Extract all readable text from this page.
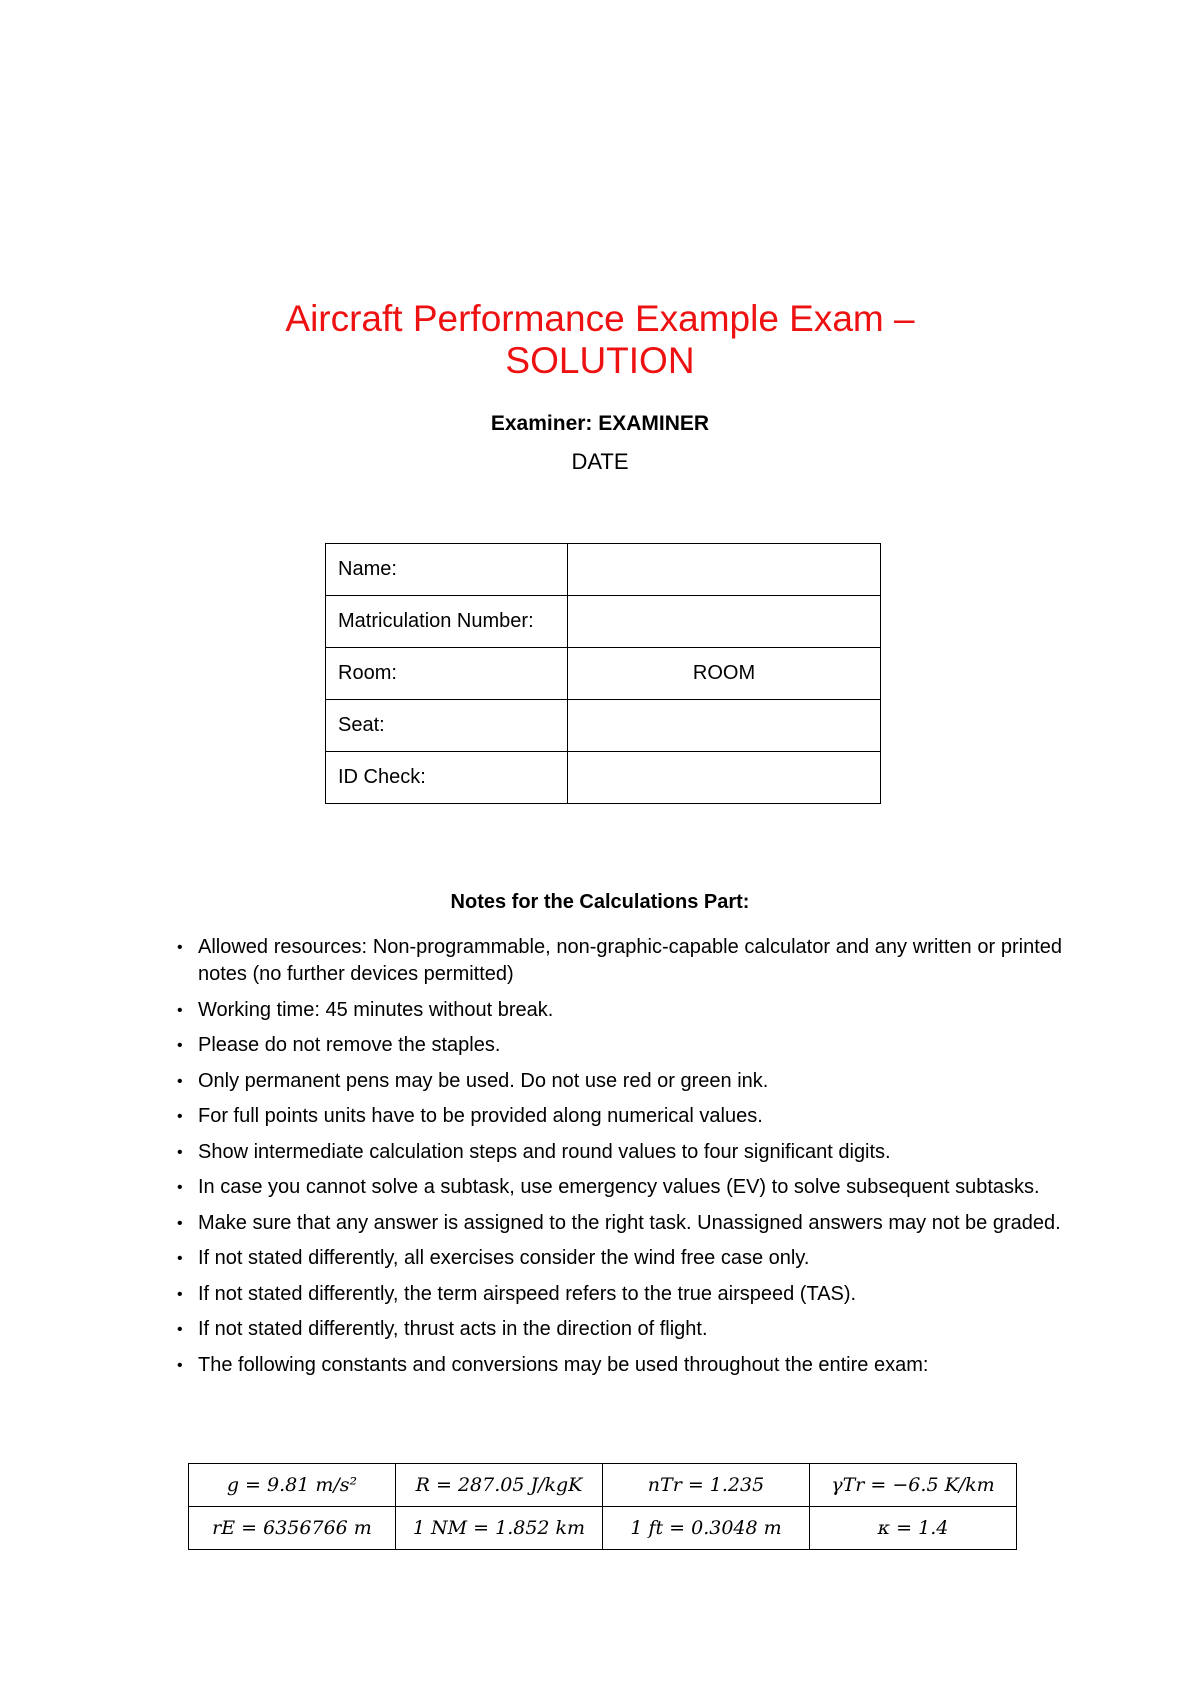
Aircraft Performance Example Exam –
SOLUTION
Examiner: EXAMINER
DATE
Name:	
Matriculation Number:	
Room:	ROOM
Seat:	
ID Check:	
Notes for the Calculations Part:
• Allowed resources: Non-programmable, non-graphic-capable calculator and any written or printed notes (no further devices permitted)
• Working time: 45 minutes without break.
• Please do not remove the staples.
• Only permanent pens may be used. Do not use red or green ink.
• For full points units have to be provided along numerical values.
• Show intermediate calculation steps and round values to four significant digits.
• In case you cannot solve a subtask, use emergency values (EV) to solve subsequent subtasks.
• Make sure that any answer is assigned to the right task. Unassigned answers may not be graded.
• If not stated differently, all exercises consider the wind free case only.
• If not stated differently, the term airspeed refers to the true airspeed (TAS).
• If not stated differently, thrust acts in the direction of flight.
• The following constants and conversions may be used throughout the entire exam:
g = 9.81 m/s²	R = 287.05 J/kgK	nTr = 1.235	γTr = −6.5 K/km
rE = 6356766 m	1 NM = 1.852 km	1 ft = 0.3048 m	κ = 1.4
